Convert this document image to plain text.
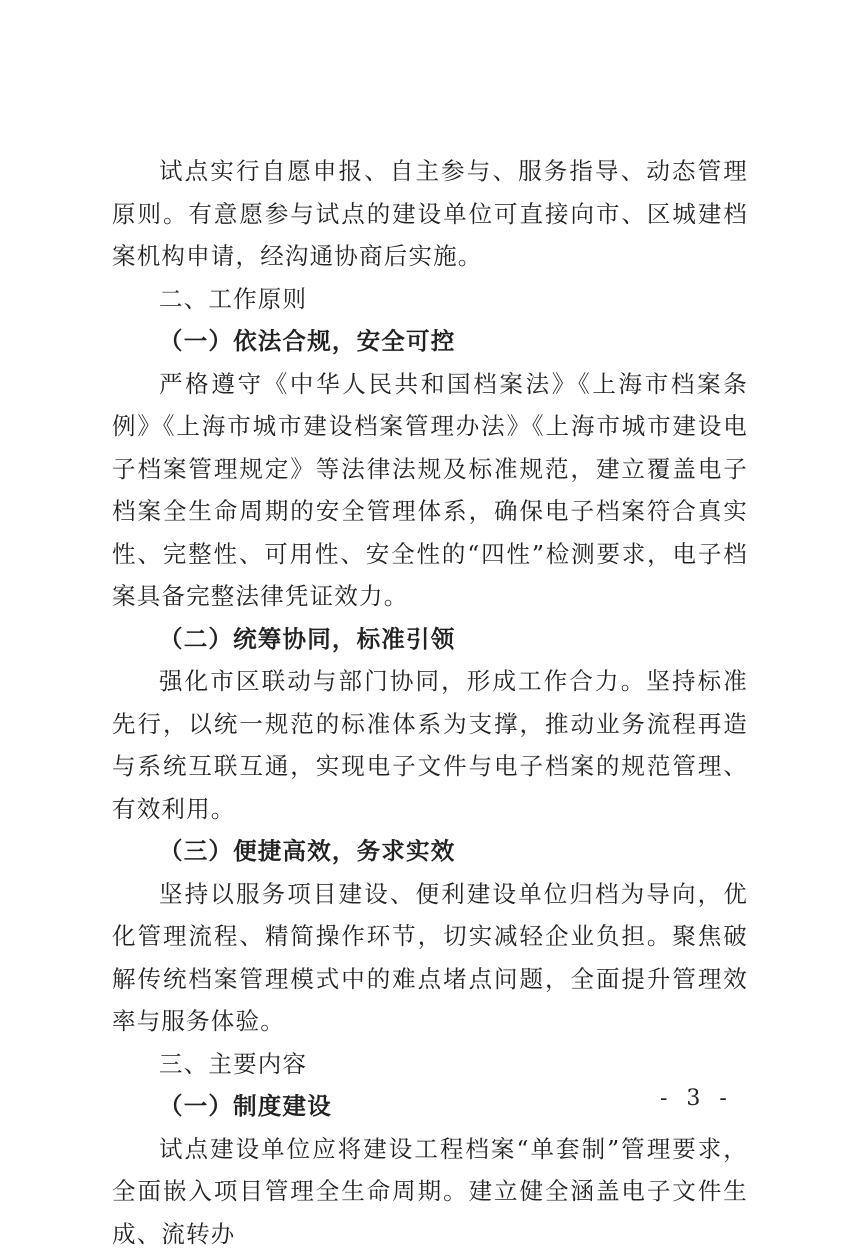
试点实行自愿申报、自主参与、服务指导、动态管理原则。有意愿参与试点的建设单位可直接向市、区城建档案机构申请，经沟通协商后实施。

二、工作原则

（一）依法合规，安全可控

严格遵守《中华人民共和国档案法》《上海市档案条例》《上海市城市建设档案管理办法》《上海市城市建设电子档案管理规定》等法律法规及标准规范，建立覆盖电子档案全生命周期的安全管理体系，确保电子档案符合真实性、完整性、可用性、安全性的“四性”检测要求，电子档案具备完整法律凭证效力。

（二）统筹协同，标准引领

强化市区联动与部门协同，形成工作合力。坚持标准先行，以统一规范的标准体系为支撑，推动业务流程再造与系统互联互通，实现电子文件与电子档案的规范管理、有效利用。

（三）便捷高效，务求实效

坚持以服务项目建设、便利建设单位归档为导向，优化管理流程、精简操作环节，切实减轻企业负担。聚焦破解传统档案管理模式中的难点堵点问题，全面提升管理效率与服务体验。

三、主要内容

（一）制度建设

试点建设单位应将建设工程档案“单套制”管理要求，全面嵌入项目管理全生命周期。建立健全涵盖电子文件生成、流转办

- 3 -
